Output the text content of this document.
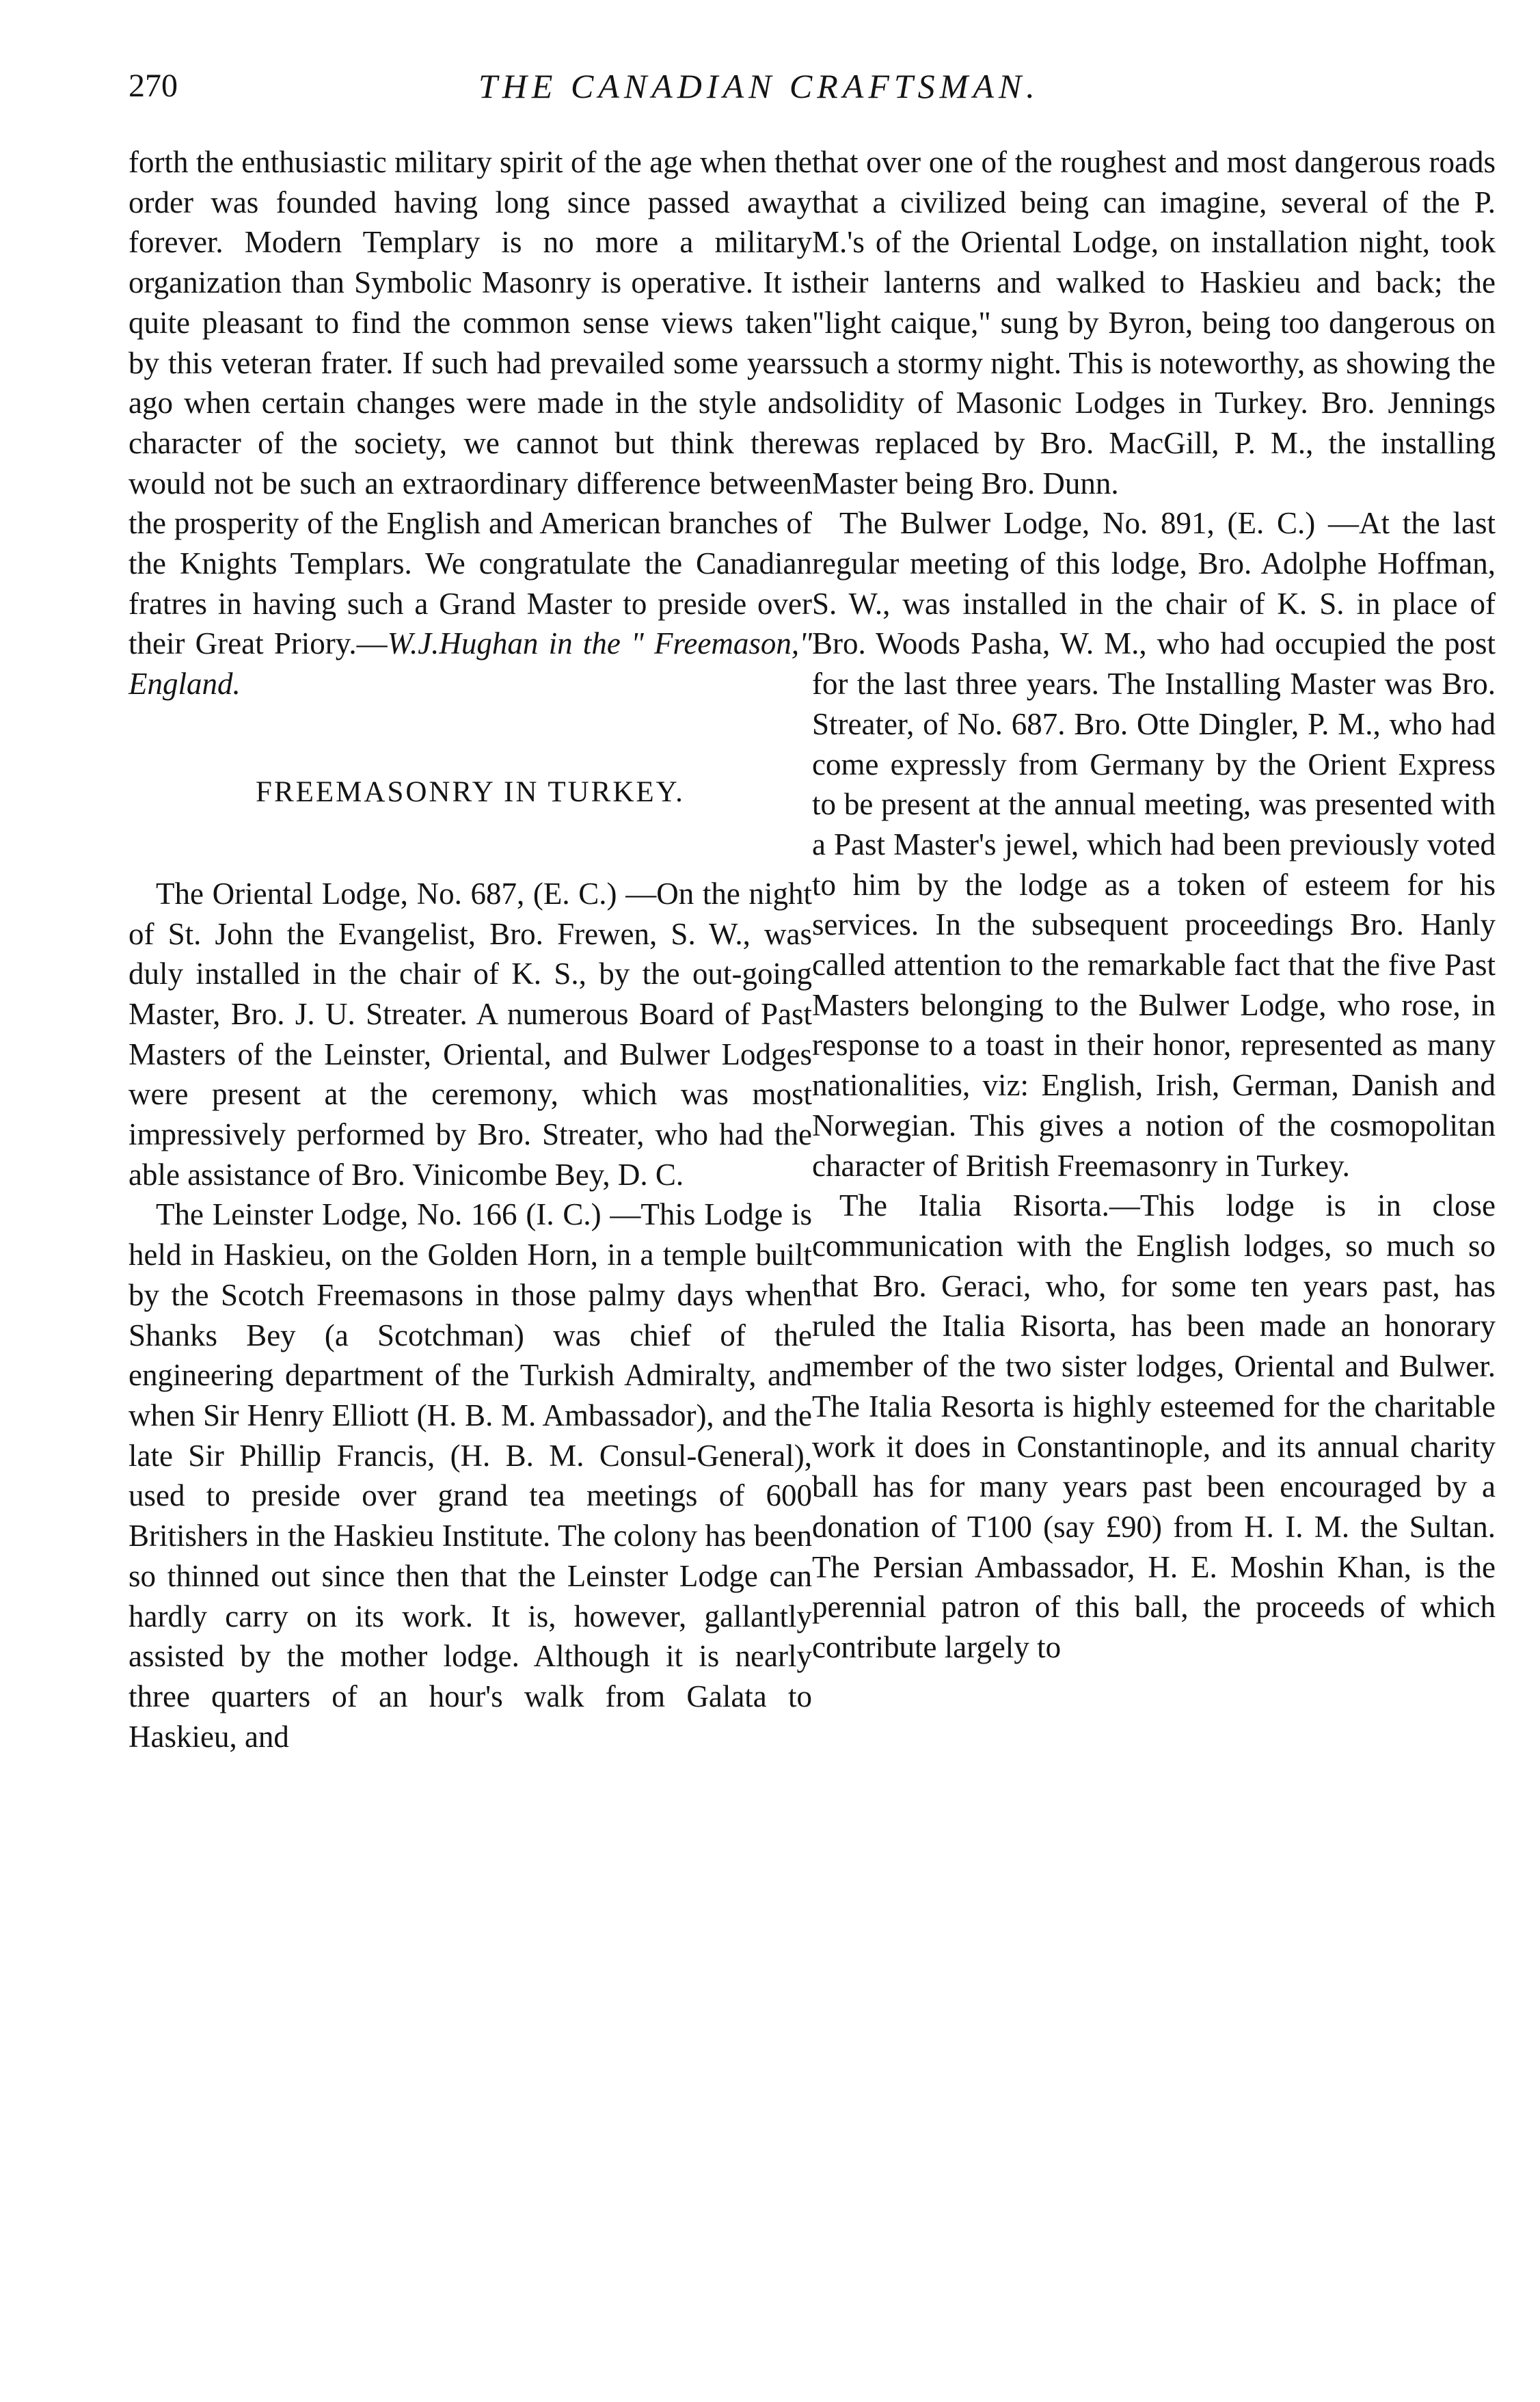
270	THE CANADIAN CRAFTSMAN.

forth the enthusiastic military spirit of the age when the order was founded having long since passed away forever. Modern Templary is no more a military organization than Symbolic Masonry is operative. It is quite pleasant to find the common sense views taken by this veteran frater. If such had prevailed some years ago when certain changes were made in the style and character of the society, we cannot but think there would not be such an extraordinary difference between the prosperity of the English and American branches of the Knights Templars. We congratulate the Canadian fratres in having such a Grand Master to preside over their Great Priory.—W.J.Hughan in the " Freemason," England.

FREEMASONRY IN TURKEY.

The Oriental Lodge, No. 687, (E. C.) —On the night of St. John the Evangelist, Bro. Frewen, S. W., was duly installed in the chair of K. S., by the out-going Master, Bro. J. U. Streater. A numerous Board of Past Masters of the Leinster, Oriental, and Bulwer Lodges were present at the ceremony, which was most impressively performed by Bro. Streater, who had the able assistance of Bro. Vinicombe Bey, D. C.

The Leinster Lodge, No. 166 (I. C.) —This Lodge is held in Haskieu, on the Golden Horn, in a temple built by the Scotch Freemasons in those palmy days when Shanks Bey (a Scotchman) was chief of the engineering department of the Turkish Admiralty, and when Sir Henry Elliott (H. B. M. Ambassador), and the late Sir Phillip Francis, (H. B. M. Consul-General), used to preside over grand tea meetings of 600 Britishers in the Haskieu Institute. The colony has been so thinned out since then that the Leinster Lodge can hardly carry on its work. It is, however, gallantly assisted by the mother lodge. Although it is nearly three quarters of an hour's walk from Galata to Haskieu, and

that over one of the roughest and most dangerous roads that a civilized being can imagine, several of the P. M.'s of the Oriental Lodge, on installation night, took their lanterns and walked to Haskieu and back; the "light caique," sung by Byron, being too dangerous on such a stormy night. This is noteworthy, as showing the solidity of Masonic Lodges in Turkey. Bro. Jennings was replaced by Bro. MacGill, P. M., the installing Master being Bro. Dunn.

The Bulwer Lodge, No. 891, (E. C.) —At the last regular meeting of this lodge, Bro. Adolphe Hoffman, S. W., was installed in the chair of K. S. in place of Bro. Woods Pasha, W. M., who had occupied the post for the last three years. The Installing Master was Bro. Streater, of No. 687. Bro. Otte Dingler, P. M., who had come expressly from Germany by the Orient Express to be present at the annual meeting, was presented with a Past Master's jewel, which had been previously voted to him by the lodge as a token of esteem for his services. In the subsequent proceedings Bro. Hanly called attention to the remarkable fact that the five Past Masters belonging to the Bulwer Lodge, who rose, in response to a toast in their honor, represented as many nationalities, viz: English, Irish, German, Danish and Norwegian. This gives a notion of the cosmopolitan character of British Freemasonry in Turkey.

The Italia Risorta.—This lodge is in close communication with the English lodges, so much so that Bro. Geraci, who, for some ten years past, has ruled the Italia Risorta, has been made an honorary member of the two sister lodges, Oriental and Bulwer. The Italia Resorta is highly esteemed for the charitable work it does in Constantinople, and its annual charity ball has for many years past been encouraged by a donation of T100 (say £90) from H. I. M. the Sultan. The Persian Ambassador, H. E. Moshin Khan, is the perennial patron of this ball, the proceeds of which contribute largely to
